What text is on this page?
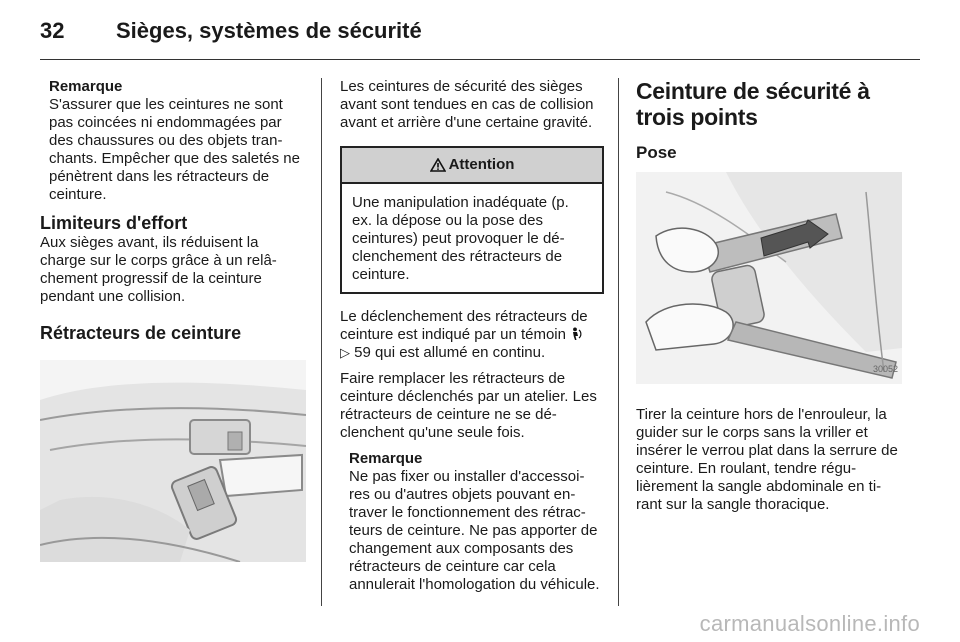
32 Sièges, systèmes de sécurité

Remarque

S'assurer que les ceintures ne sont pas coincées ni endommagées par des chaussures ou des objets tran-chants. Empêcher que des saletés ne pénètrent dans les rétracteurs de ceinture.

Limiteurs d'effort

Aux sièges avant, ils réduisent la charge sur le corps grâce à un relâ-chement progressif de la ceinture pendant une collision.

Rétracteurs de ceinture

Les ceintures de sécurité des sièges avant sont tendues en cas de collision avant et arrière d'une certaine gravité.

Attention

Une manipulation inadéquate (p. ex. la dépose ou la pose des ceintures) peut provoquer le dé-clenchement des rétracteurs de ceinture.

Le déclenchement des rétracteurs de ceinture est indiqué par un témoin
▷ 59 qui est allumé en continu.

Faire remplacer les rétracteurs de ceinture déclenchés par un atelier. Les rétracteurs de ceinture ne se dé-clenchent qu'une seule fois.

Remarque

Ne pas fixer ou installer d'accessoi-res ou d'autres objets pouvant en-traver le fonctionnement des rétrac-teurs de ceinture. Ne pas apporter de changement aux composants des rétracteurs de ceinture car cela annulerait l'homologation du véhicule.

Ceinture de sécurité à trois points
Pose
30052

Tirer la ceinture hors de l'enrouleur, la guider sur le corps sans la vriller et insérer le verrou plat dans la serrure de ceinture. En roulant, tendre régu-lièrement la sangle abdominale en ti-rant sur la sangle thoracique.

carmanualsonline.info
